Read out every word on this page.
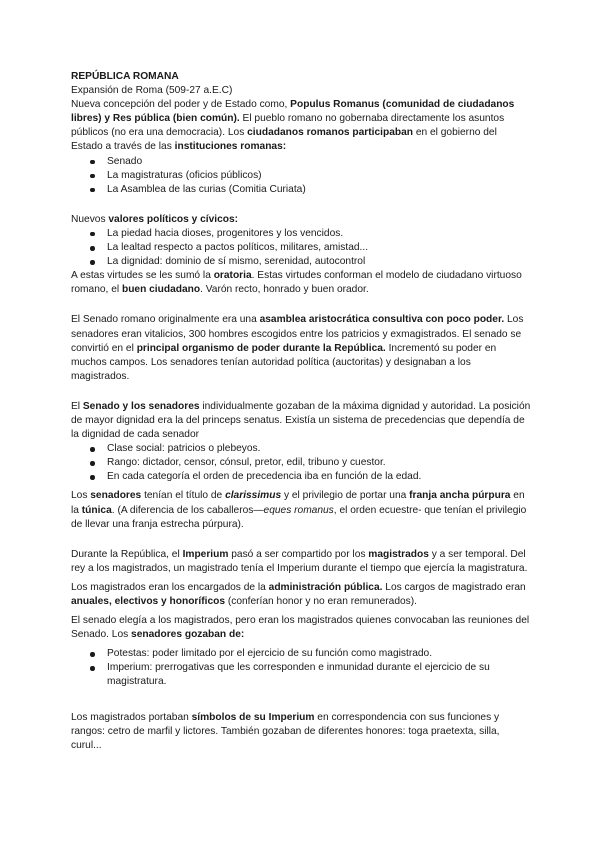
REPÚBLICA ROMANA

Expansión de Roma (509-27 a.E.C)

Nueva concepción del poder y de Estado como, Populus Romanus (comunidad de ciudadanos libres) y Res pública (bien común). El pueblo romano no gobernaba directamente los asuntos públicos (no era una democracia). Los ciudadanos romanos participaban en el gobierno del Estado a través de las instituciones romanas:

Senado
La magistraturas (oficios públicos)
La Asamblea de las curias (Comitia Curiata)

Nuevos valores políticos y cívicos:

La piedad hacia dioses, progenitores y los vencidos.
La lealtad respecto a pactos políticos, militares, amistad...
La dignidad: dominio de sí mismo, serenidad, autocontrol

A estas virtudes se les sumó la oratoria. Estas virtudes conforman el modelo de ciudadano virtuoso romano, el buen ciudadano. Varón recto, honrado y buen orador.

El Senado romano originalmente era una asamblea aristocrática consultiva con poco poder. Los senadores eran vitalicios, 300 hombres escogidos entre los patricios y exmagistrados. El senado se convirtió en el principal organismo de poder durante la República. Incrementó su poder en muchos campos. Los senadores tenían autoridad política (auctoritas) y designaban a los magistrados.

El Senado y los senadores individualmente gozaban de la máxima dignidad y autoridad. La posición de mayor dignidad era la del princeps senatus. Existía un sistema de precedencias que dependía de la dignidad de cada senador

Clase social: patricios o plebeyos.
Rango: dictador, censor, cónsul, pretor, edil, tribuno y cuestor.
En cada categoría el orden de precedencia iba en función de la edad.

Los senadores tenían el título de clarissimus y el privilegio de portar una franja ancha púrpura en la túnica. (A diferencia de los caballeros—eques romanus, el orden ecuestre- que tenían el privilegio de llevar una franja estrecha púrpura).

Durante la República, el Imperium pasó a ser compartido por los magistrados y a ser temporal. Del rey a los magistrados, un magistrado tenía el Imperium durante el tiempo que ejercía la magistratura.

Los magistrados eran los encargados de la administración pública. Los cargos de magistrado eran anuales, electivos y honoríficos (conferían honor y no eran remunerados).

El senado elegía a los magistrados, pero eran los magistrados quienes convocaban las reuniones del Senado. Los senadores gozaban de:

Potestas: poder limitado por el ejercicio de su función como magistrado.
Imperium: prerrogativas que les corresponden e inmunidad durante el ejercicio de su magistratura.

Los magistrados portaban símbolos de su Imperium en correspondencia con sus funciones y rangos: cetro de marfil y lictores. También gozaban de diferentes honores: toga praetexta, silla, curul...
